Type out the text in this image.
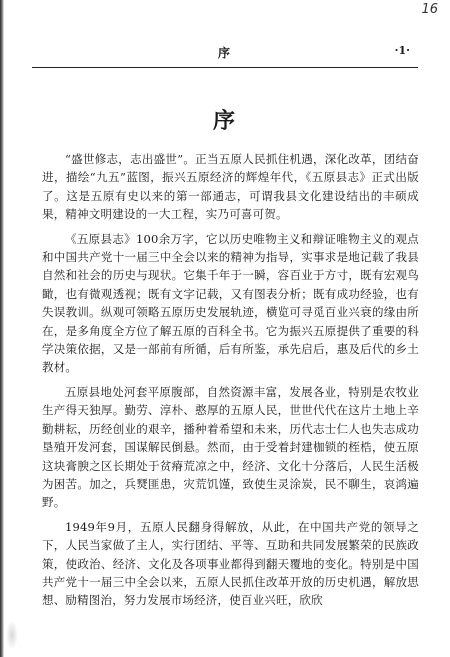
16
序	·1·
序

“盛世修志，志出盛世”。正当五原人民抓住机遇，深化改革，团结奋进，描绘“九五”蓝图，振兴五原经济的辉煌年代，《五原县志》正式出版了。这是五原有史以来的第一部通志，可谓我县文化建设结出的丰硕成果，精神文明建设的一大工程，实乃可喜可贺。

《五原县志》100余万字，它以历史唯物主义和辩证唯物主义的观点和中国共产党十一届三中全会以来的精神为指导，实事求是地记载了我县自然和社会的历史与现状。它集千年于一瞬，容百业于方寸，既有宏观鸟瞰，也有微观透视；既有文字记载，又有图表分析；既有成功经验，也有失误教训。纵观可领略五原历史发展轨迹，横览可寻觅百业兴衰的缘由所在，是多角度全方位了解五原的百科全书。它为振兴五原提供了重要的科学决策依据，又是一部前有所循，后有所鉴，承先启后，惠及后代的乡土教材。

五原县地处河套平原腹部，自然资源丰富，发展各业，特别是农牧业生产得天独厚。勤劳、淳朴、憨厚的五原人民，世世代代在这片土地上辛勤耕耘，历经创业的艰辛，播种着希望和未来，历代志士仁人也失志成功垦殖开发河套，国谋解民倒悬。然而，由于受着封建枷锁的桎梏，使五原这块膏腴之区长期处于贫瘠荒凉之中，经济、文化十分落后，人民生活极为困苦。加之，兵燹匪患，灾荒饥馑，致使生灵涂炭，民不聊生，哀鸿遍野。

1949年9月，五原人民翻身得解放，从此，在中国共产党的领导之下，人民当家做了主人，实行团结、平等、互助和共同发展繁荣的民族政策，使政治、经济、文化及各项事业都得到翻天覆地的变化。特别是中国共产党十一届三中全会以来，五原人民抓住改革开放的历史机遇，解放思想、励精图治，努力发展市场经济，使百业兴旺，欣欣
